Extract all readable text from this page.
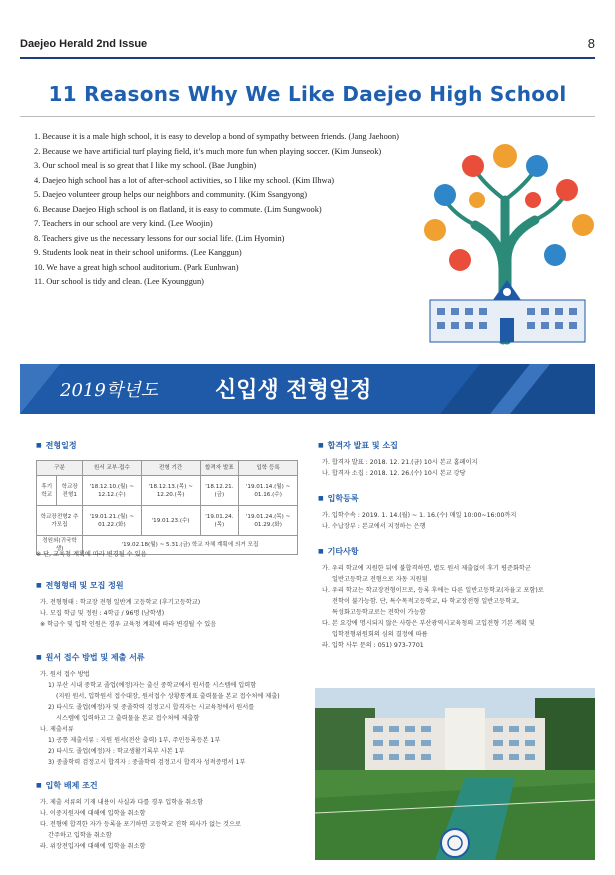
Daejeo Herald 2nd Issue	8
11 Reasons Why We Like Daejeo High School
1. Because it is a male high school, it is easy to develop a bond of sympathy between friends. (Jang Jaehoon)
2. Because we have artificial turf playing field, it’s much more fun when playing soccer. (Kim Junseok)
3. Our school meal is so great that I like my school. (Bae Jungbin)
4. Daejeo high school has a lot of after-school activities, so I like my school. (Kim Ilhwa)
5. Daejeo volunteer group helps our neighbors and community. (Kim Ssangyong)
6. Because Daejeo High school is on flatland, it is easy to commute. (Lim Sungwook)
7. Teachers in our school are very kind. (Lee Woojin)
8. Teachers give us the necessary lessons for our social life. (Lim Hyomin)
9. Students look neat in their school uniforms. (Lee Kanggun)
10. We have a great high school auditorium. (Park Eunhwan)
11. Our school is tidy and clean. (Lee Kyounggun)
2019학년도	신입생 전형일정
■ 전형일정
구분		원서 교부·접수	전형 기간	합격자 발표	입학 등록
후기 학교	학교장 전형1	'18.12.10.(월) ~ 12.12.(수)	'18.12.13.(목) ~ 12.20.(목)	'18.12.21.(금)	'19.01.14.(월) ~ 01.16.(수)
학교장전형2 추가모집		'19.01.21.(월) ~ 01.22.(화)	'19.01.23.(수)	'19.01.24.(목)	'19.01.24.(목) ~ 01.29.(화)
정원외(귀국학생)		'19.02.18(월) ~ 5.31.(금) 학교 자체 계획에 의거 모집			
※ 단, 교육청 계획에 따라 변경될 수 있음
■ 전형형태 및 모집 정원
가. 전형형태 : 학교장 전형 일반계 고등학교 (후기고등학교)
나. 모집 학급 및 정원 : 4학급 / 96명 (남학생)
※ 학급수 및 입학 인원은 경우 교육청 계획에 따라 변경될 수 있음
■ 원서 접수 방법 및 제출 서류
가. 원서 접수 방법
1) 부산 시내 중학교 졸업(예정)자는 출신 중학교에서 원서를 시스템에 입력함
(지원 원서, 입학원서 접수대장, 원서접수 상황통계표 출력물을 본교 접수처에 제출)
2) 타시도 졸업(예정)자 및 중졸학력 검정고시 합격자는 시교육청에서 원서를
시스템에 입력하고 그 출력물을 본교 접수처에 제출함
나. 제출서류
1) 공통 제출서류 : 지원 원서(전산 출력) 1부, 주민등록등본 1부
2) 타시도 졸업(예정)자 : 학교생활기록부 사본 1부
3) 중졸학력 검정고시 합격자 : 중졸학력 검정고시 합격자 성적증명서 1부
■ 입학 배제 조건
가. 제출 서류의 기재 내용이 사실과 다를 경우 입학을 취소함
나. 이중지원자에 대해에 입학을 취소함
다. 전형에 합격한 자가 등록을 포기하면 고등학교 진학 의사가 없는 것으로
간주하고 입학을 취소함
라. 위장전입자에 대해에 입학을 취소함
■ 합격자 발표 및 소집
가. 합격자 발표 : 2018. 12. 21.(금) 10시 본교 홈페이지
나. 합격자 소집 : 2018. 12. 26.(수) 10시 본교 강당
■ 입학등록
가. 입학수속 : 2019. 1. 14.(월) ~ 1. 16.(수) 매일 10:00~16:00까지
나. 수납장부 : 본교에서 지정하는 은행
■ 기타사항
가. 우리 학교에 지원한 뒤에 불합격하면, 별도 원서 제출없이 후기 평준화학군
일반고등학교 전형으로 자동 지원됨
나. 우리 학교는 학교장전형이므로, 등록 후에는 다른 일반고등학교(자율고 포함)로
전학이 불가능함. 단, 특수목적고등학교, 타 학교장전형 일반고등학교,
특성화고등학교로는 전학이 가능함
다. 본 요강에 명시되지 않은 사항은 부산광역시교육청의 고입전형 기본 계획 및
입학전형위원회의 심의 결정에 따름
라. 입학 사무 문의 : 051) 973-7701
